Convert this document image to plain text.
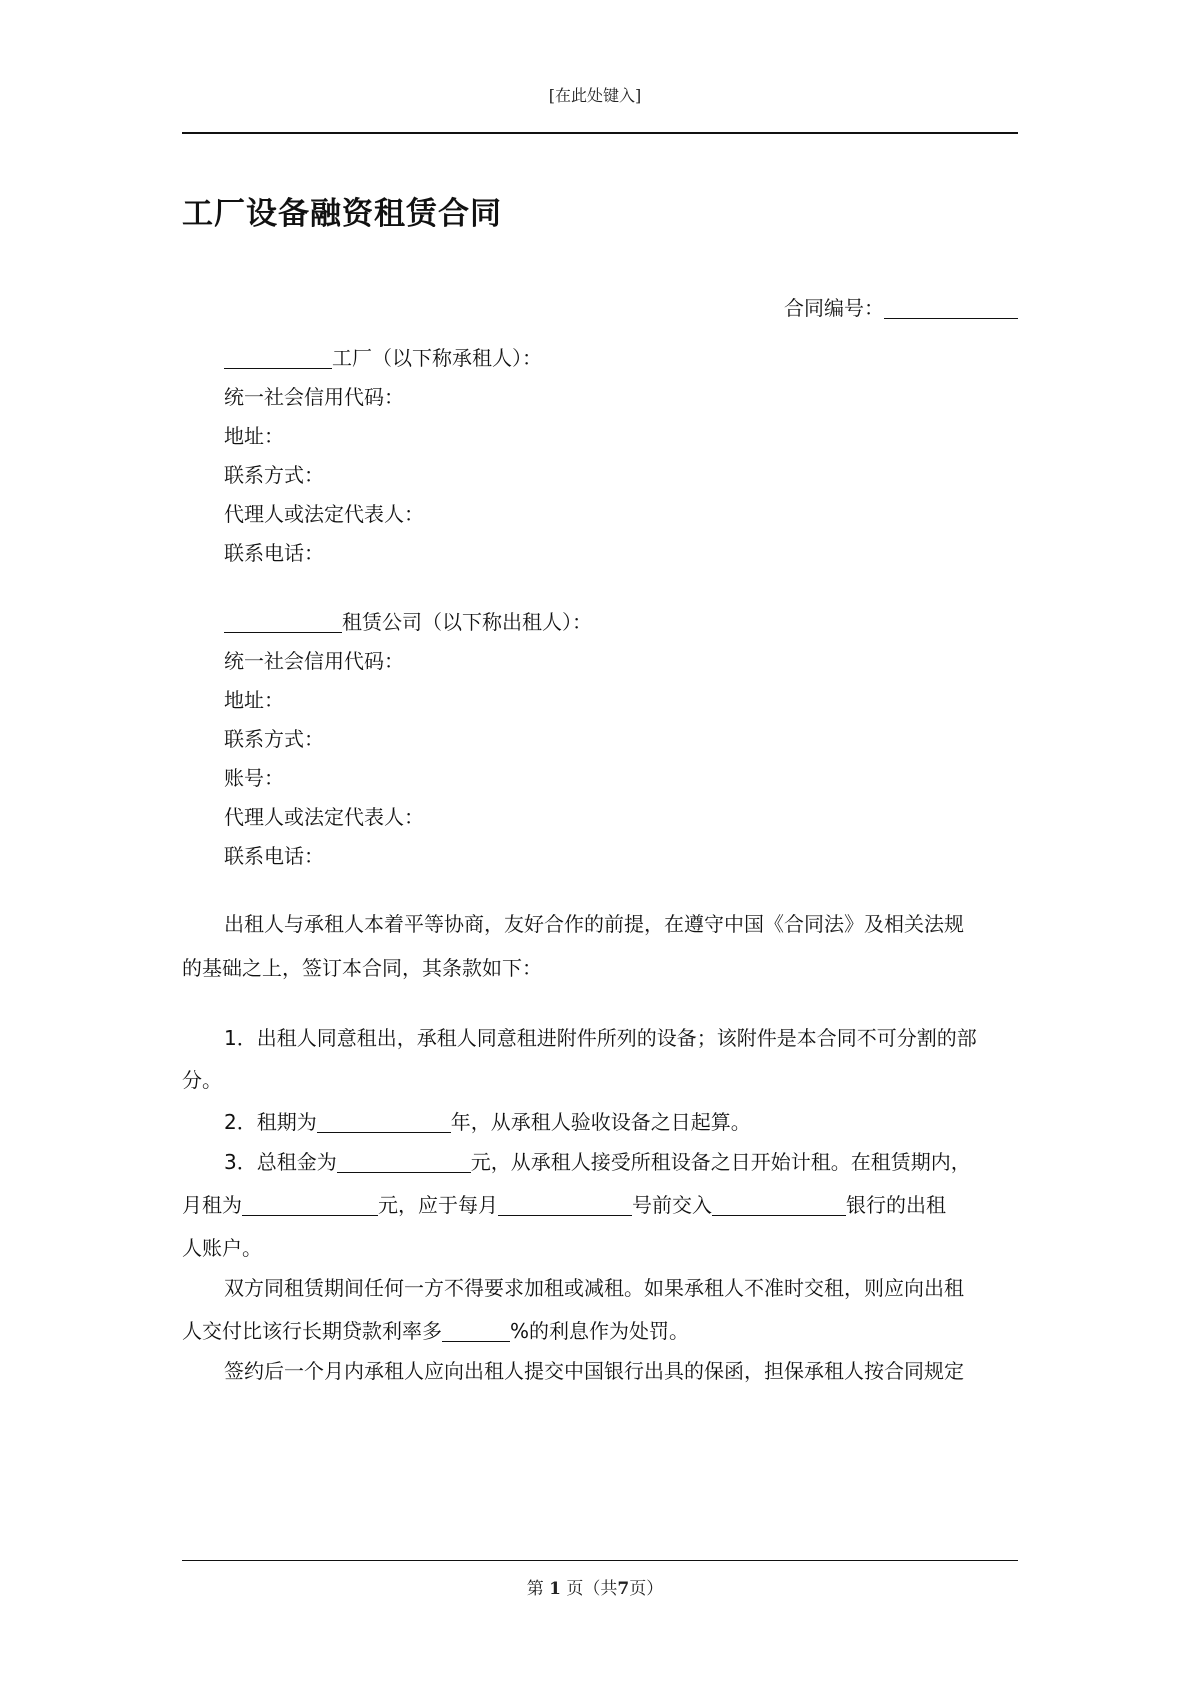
[在此处键入]
工厂设备融资租赁合同
合同编号：
工厂（以下称承租人）：
统一社会信用代码：
地址：
联系方式：
代理人或法定代表人：
联系电话：
租赁公司（以下称出租人）：
统一社会信用代码：
地址：
联系方式：
账号：
代理人或法定代表人：
联系电话：
出租人与承租人本着平等协商，友好合作的前提，在遵守中国《合同法》及相关法规
的基础之上，签订本合同，其条款如下：
1．出租人同意租出，承租人同意租进附件所列的设备；该附件是本合同不可分割的部
分。
2．租期为	年，从承租人验收设备之日起算。
3．总租金为	元，从承租人接受所租设备之日开始计租。在租赁期内，
月租为	元，应于每月	号前交入	银行的出租
人账户。
双方同租赁期间任何一方不得要求加租或减租。如果承租人不准时交租，则应向出租
人交付比该行长期贷款利率多	%的利息作为处罚。
签约后一个月内承租人应向出租人提交中国银行出具的保函，担保承租人按合同规定
第 1 页（共7页）
